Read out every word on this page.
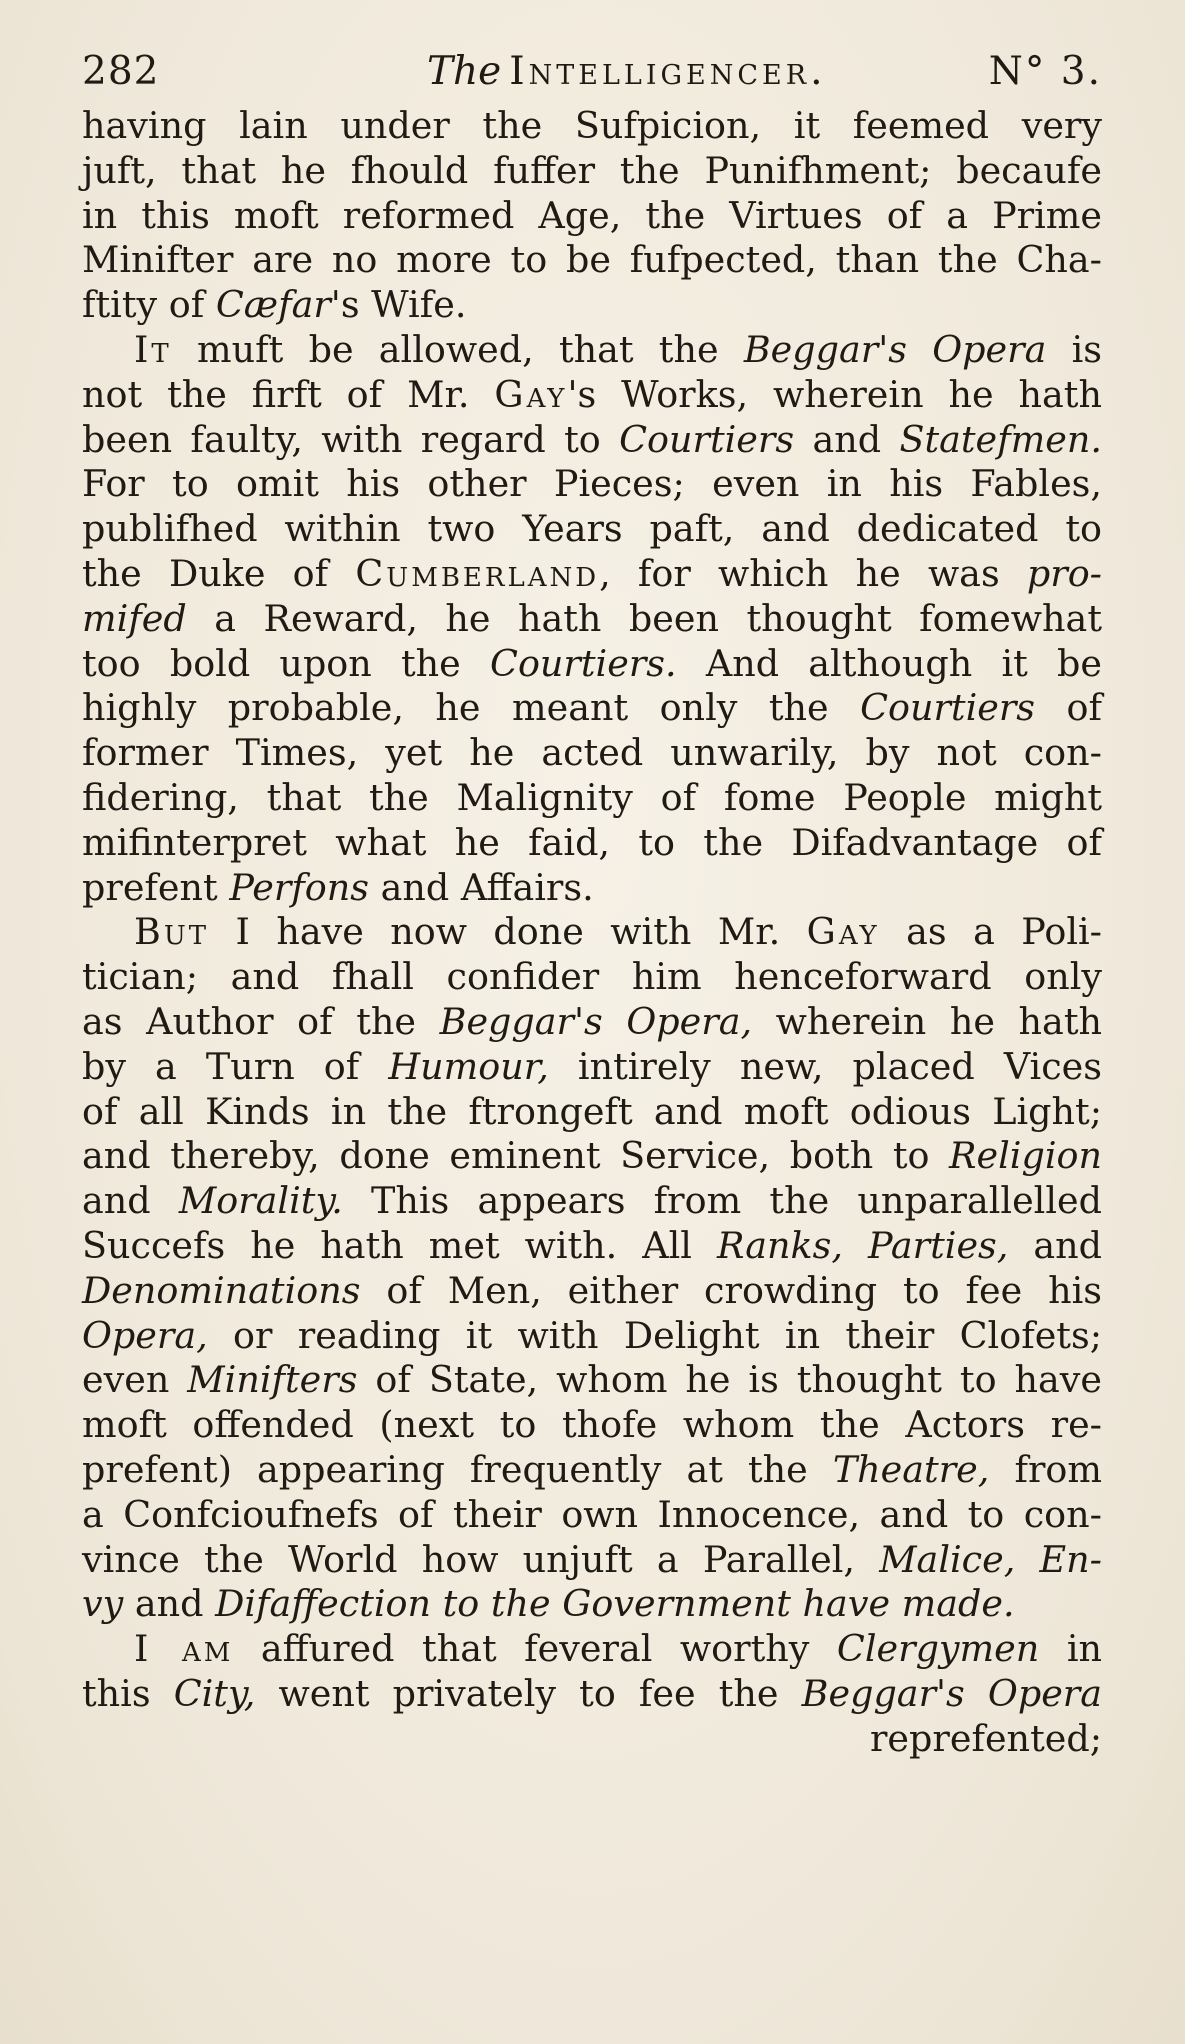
282	The Intelligencer.	N° 3.
having lain under the Sufpicion, it feemed very
juft, that he fhould fuffer the Punifhment; becaufe
in this moft reformed Age, the Virtues of a Prime
Minifter are no more to be fufpected, than the Cha-
ftity of Cæfar's Wife.
It muft be allowed, that the Beggar's Opera is
not the firft of Mr. Gay's Works, wherein he hath
been faulty, with regard to Courtiers and Statefmen.
For to omit his other Pieces; even in his Fables,
publifhed within two Years paft, and dedicated to
the Duke of Cumberland, for which he was pro-
mifed a Reward, he hath been thought fomewhat
too bold upon the Courtiers. And although it be
highly probable, he meant only the Courtiers of
former Times, yet he acted unwarily, by not con-
fidering, that the Malignity of fome People might
mifinterpret what he faid, to the Difadvantage of
prefent Perfons and Affairs.
But I have now done with Mr. Gay as a Poli-
tician; and fhall confider him henceforward only
as Author of the Beggar's Opera, wherein he hath
by a Turn of Humour, intirely new, placed Vices
of all Kinds in the ftrongeft and moft odious Light;
and thereby, done eminent Service, both to Religion
and Morality. This appears from the unparallelled
Succefs he hath met with. All Ranks, Parties, and
Denominations of Men, either crowding to fee his
Opera, or reading it with Delight in their Clofets;
even Minifters of State, whom he is thought to have
moft offended (next to thofe whom the Actors re-
prefent) appearing frequently at the Theatre, from
a Confcioufnefs of their own Innocence, and to con-
vince the World how unjuft a Parallel, Malice, En-
vy and Difaffection to the Government have made.
I am affured that feveral worthy Clergymen in
this City, went privately to fee the Beggar's Opera
reprefented;
